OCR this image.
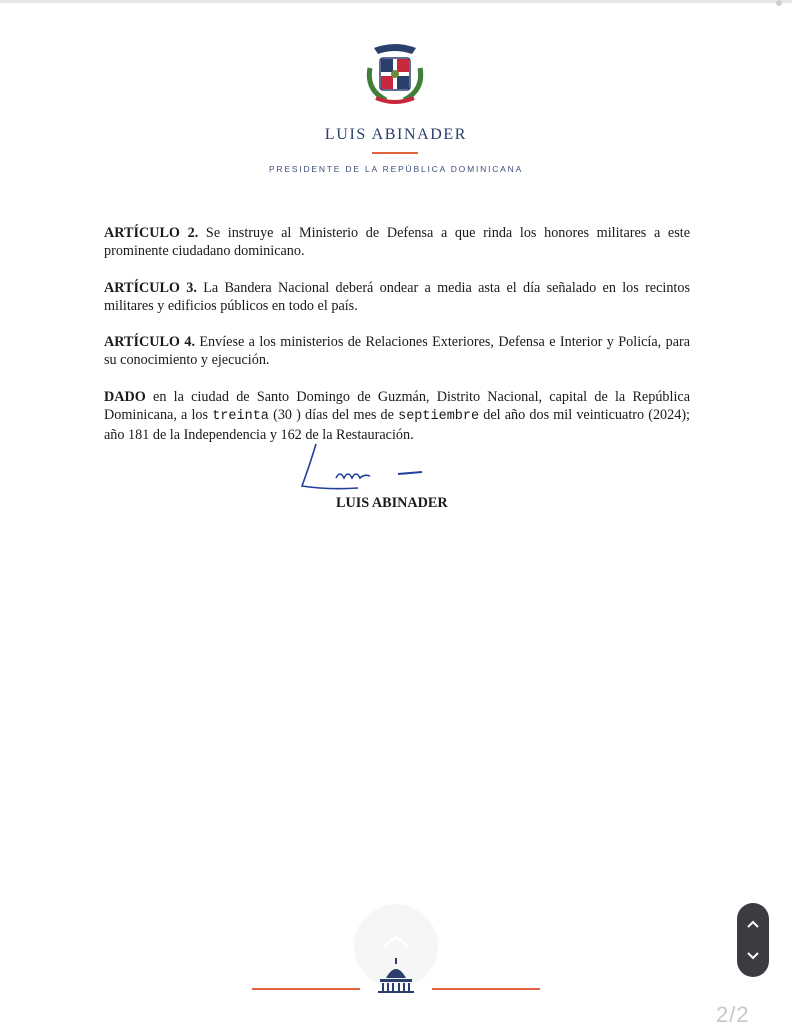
LUIS ABINADER
PRESIDENTE DE LA REPÚBLICA DOMINICANA

ARTÍCULO 2. Se instruye al Ministerio de Defensa a que rinda los honores militares a este prominente ciudadano dominicano.

ARTÍCULO 3. La Bandera Nacional deberá ondear a media asta el día señalado en los recintos militares y edificios públicos en todo el país.

ARTÍCULO 4. Envíese a los ministerios de Relaciones Exteriores, Defensa e Interior y Policía, para su conocimiento y ejecución.

DADO en la ciudad de Santo Domingo de Guzmán, Distrito Nacional, capital de la República Dominicana, a los treinta (30 ) días del mes de septiembre del año dos mil veinticuatro (2024); año 181 de la Independencia y 162 de la Restauración.

LUIS ABINADER
2/2
